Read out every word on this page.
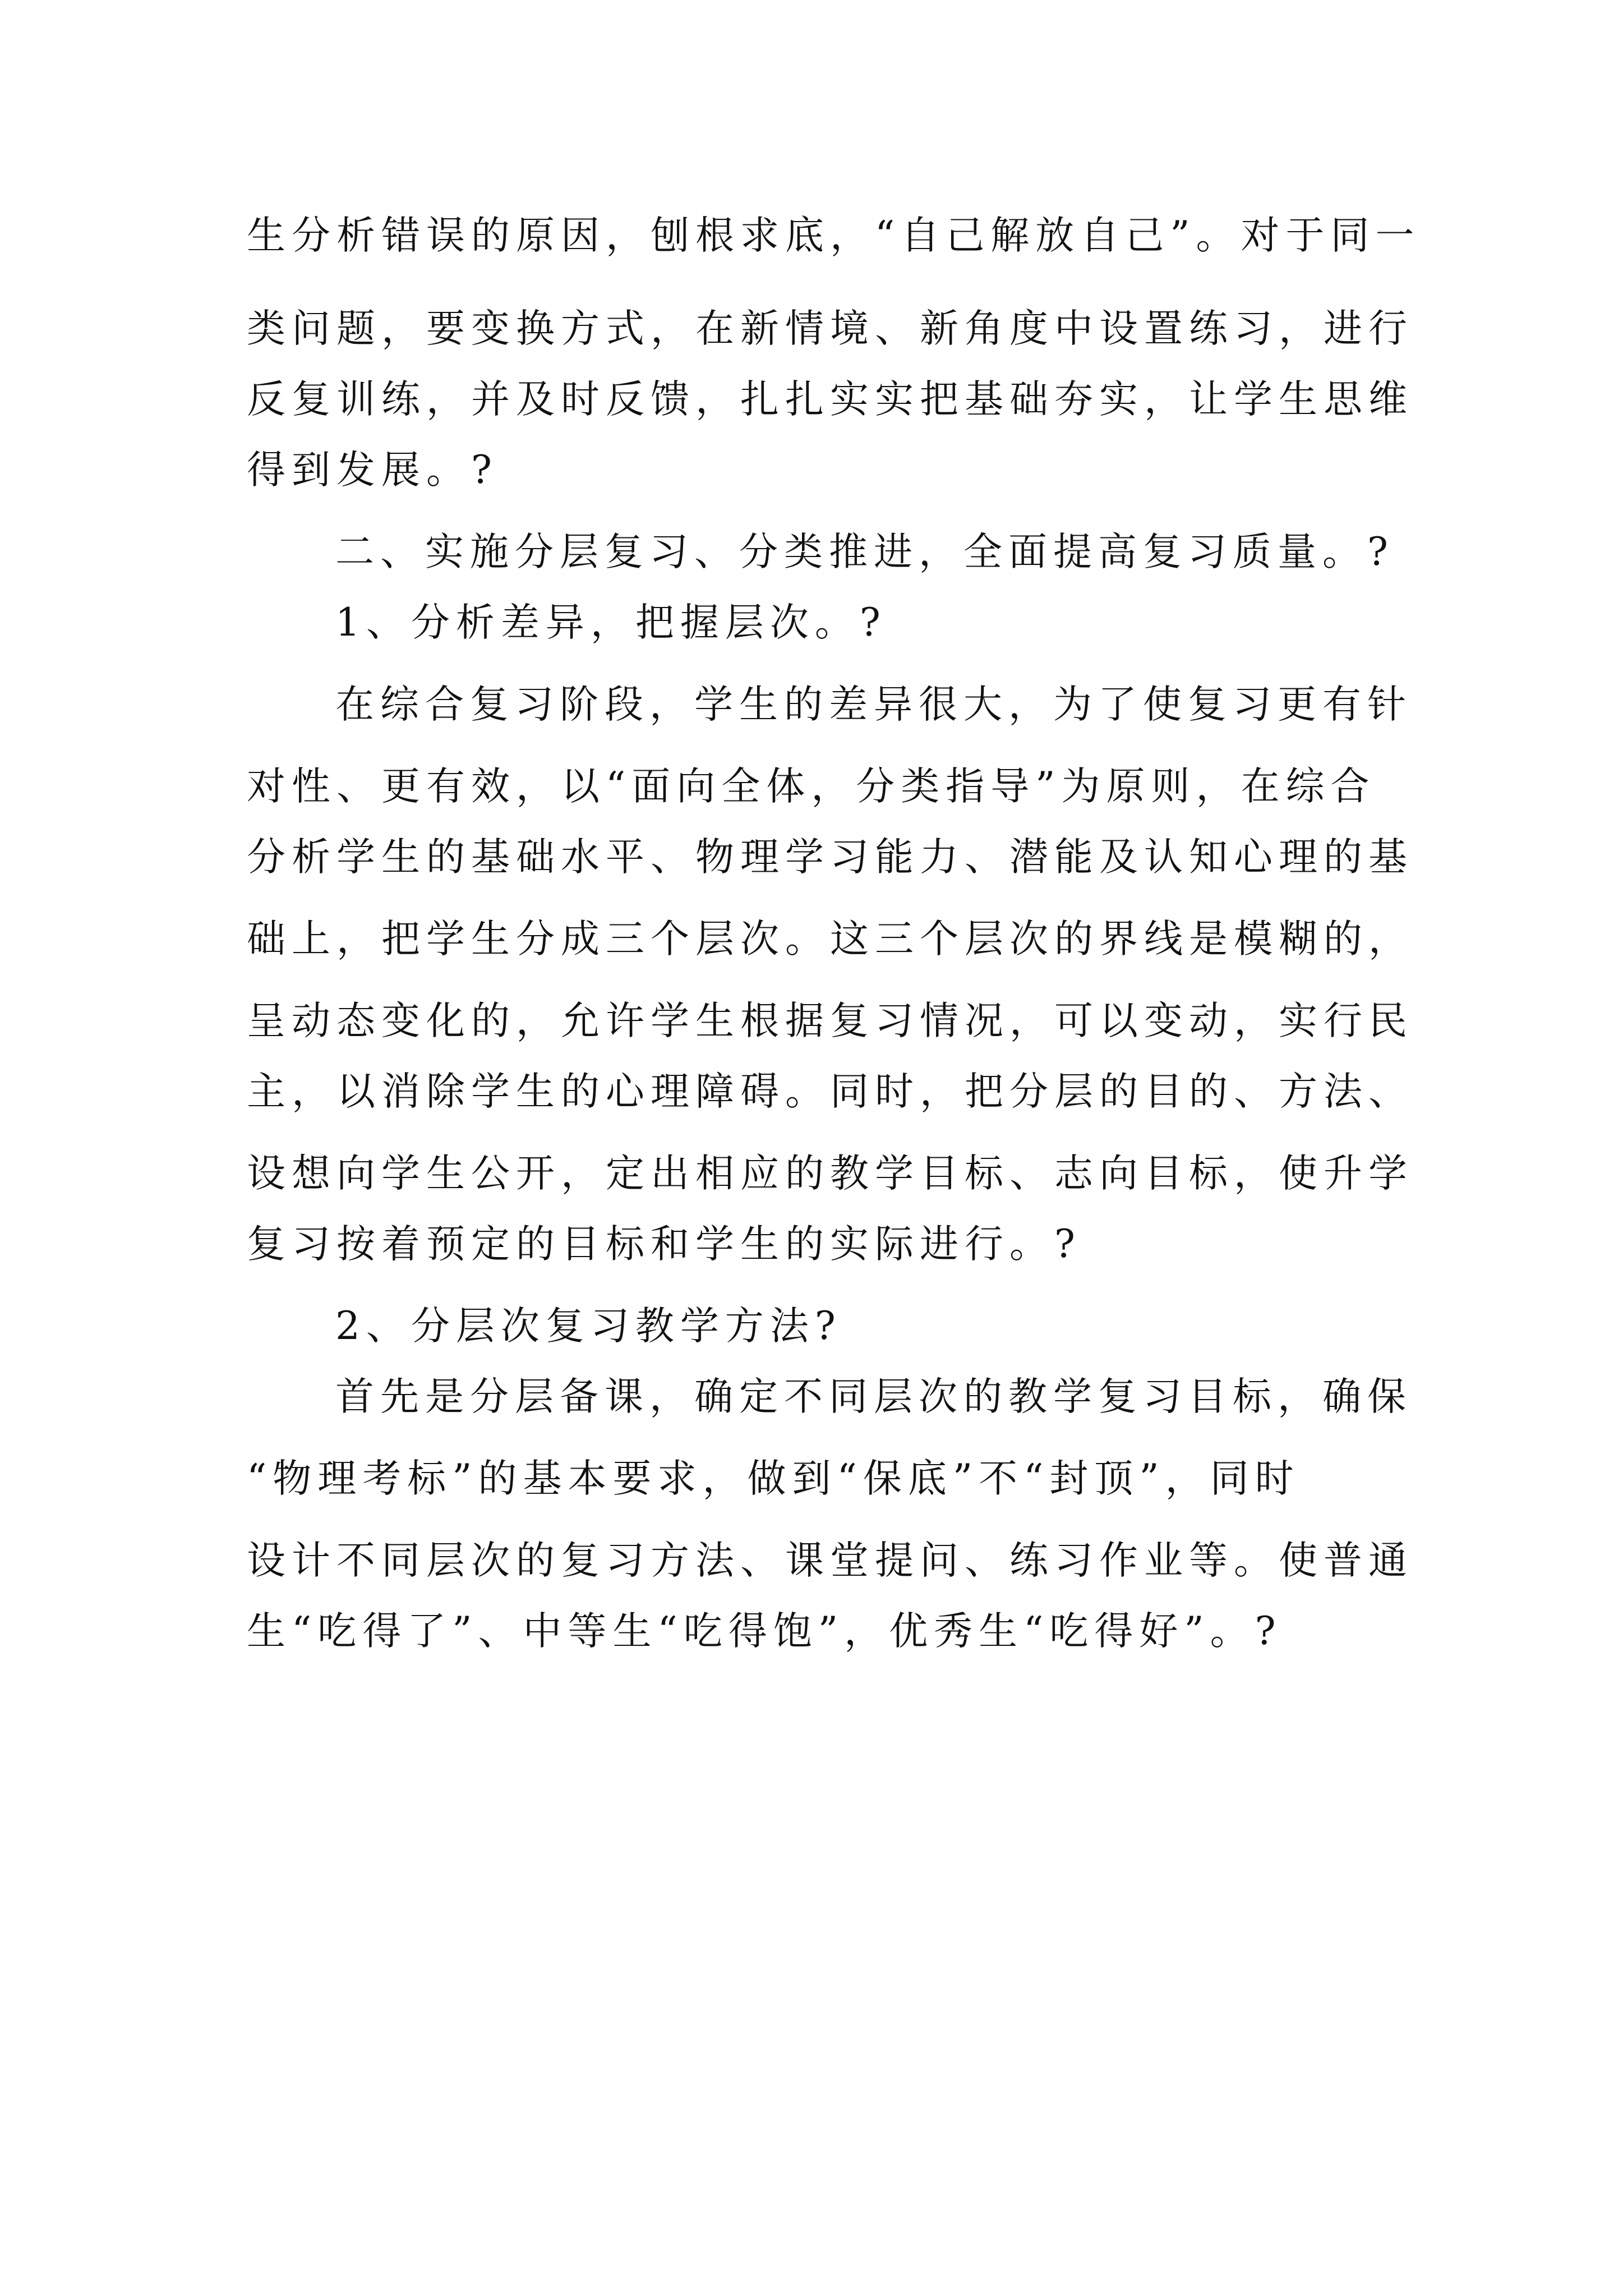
生分析错误的原因，刨根求底，“自己解放自己”。对于同一
类问题，要变换方式，在新情境、新角度中设置练习，进行
反复训练，并及时反馈，扎扎实实把基础夯实，让学生思维
得到发展。?
二、实施分层复习、分类推进，全面提高复习质量。?
1、分析差异，把握层次。?
在综合复习阶段，学生的差异很大，为了使复习更有针
对性、更有效，以“面向全体，分类指导”为原则，在综合
分析学生的基础水平、物理学习能力、潜能及认知心理的基
础上，把学生分成三个层次。这三个层次的界线是模糊的，
呈动态变化的，允许学生根据复习情况，可以变动，实行民
主，以消除学生的心理障碍。同时，把分层的目的、方法、
设想向学生公开，定出相应的教学目标、志向目标，使升学
复习按着预定的目标和学生的实际进行。?
2、分层次复习教学方法?
首先是分层备课，确定不同层次的教学复习目标，确保
“物理考标”的基本要求，做到“保底”不“封顶”，同时
设计不同层次的复习方法、课堂提问、练习作业等。使普通
生“吃得了”、中等生“吃得饱”，优秀生“吃得好”。?
